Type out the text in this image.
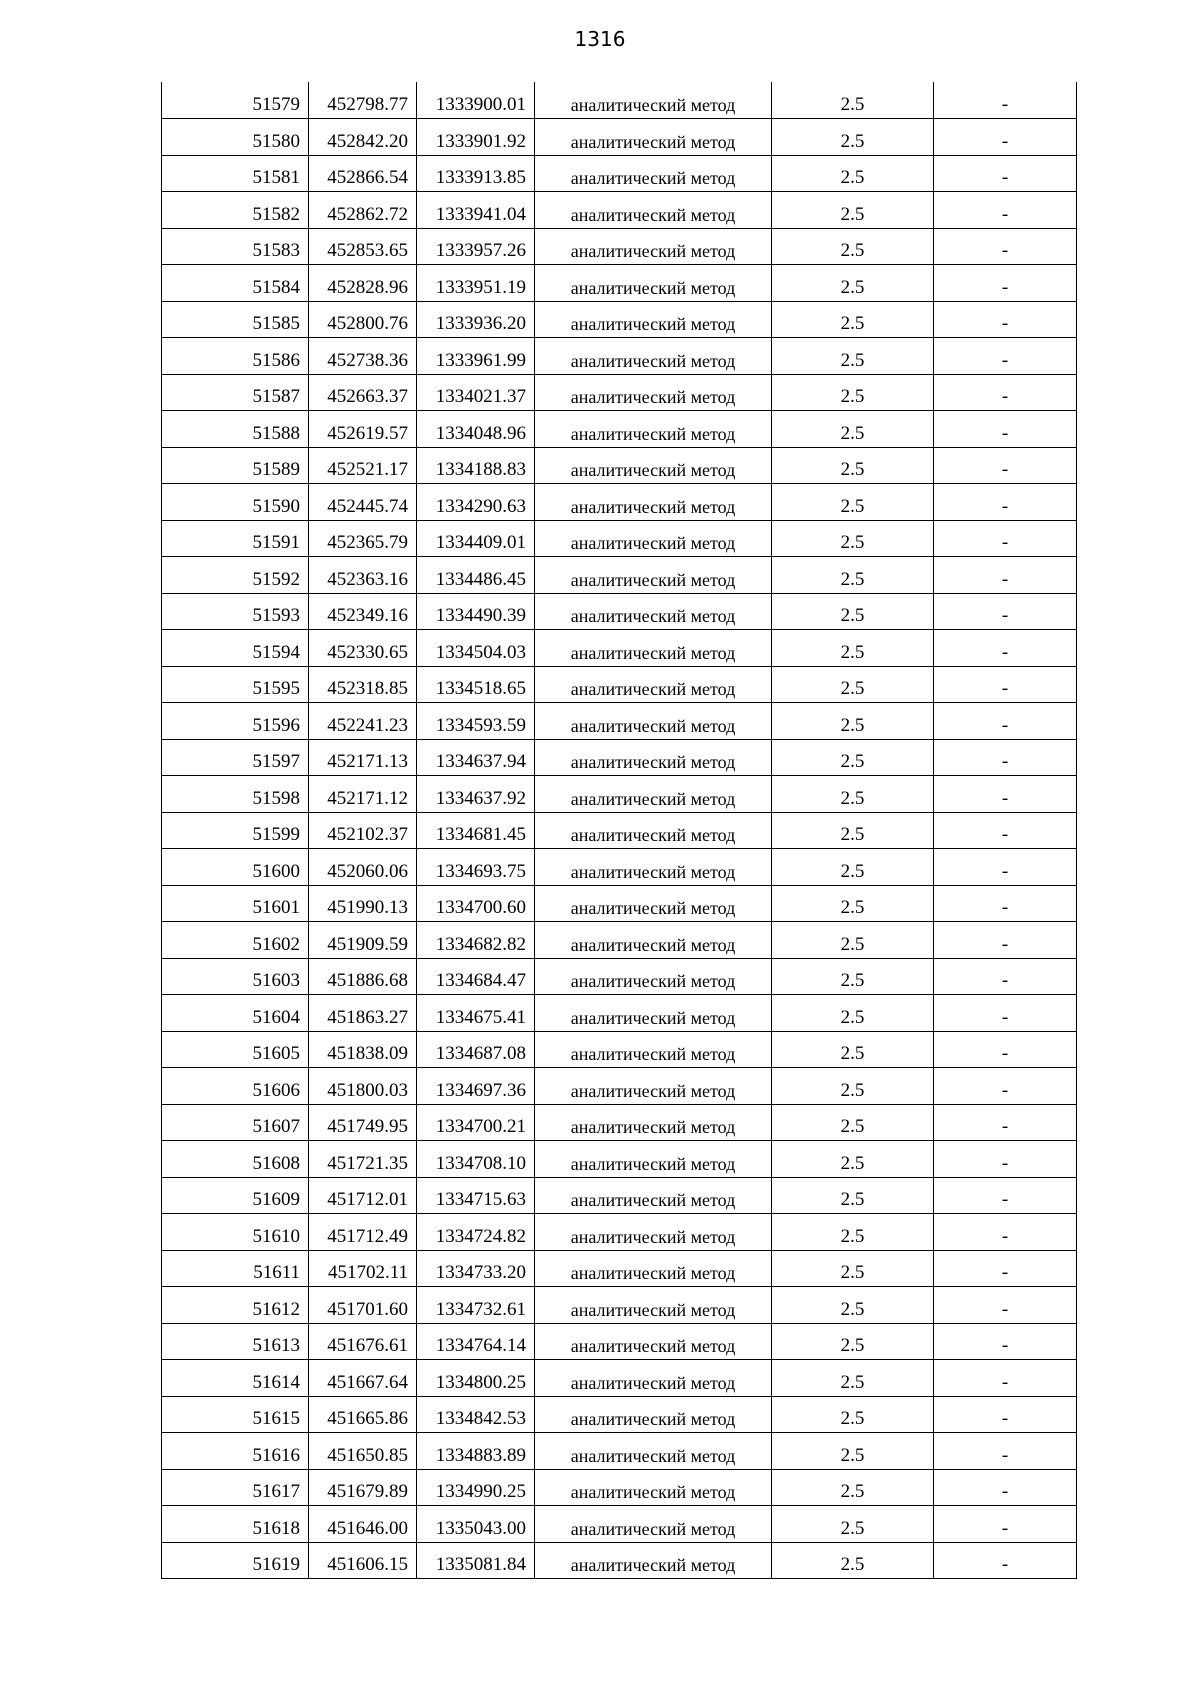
1316
51579	452798.77	1333900.01	аналитический метод	2.5	-
51580	452842.20	1333901.92	аналитический метод	2.5	-
51581	452866.54	1333913.85	аналитический метод	2.5	-
51582	452862.72	1333941.04	аналитический метод	2.5	-
51583	452853.65	1333957.26	аналитический метод	2.5	-
51584	452828.96	1333951.19	аналитический метод	2.5	-
51585	452800.76	1333936.20	аналитический метод	2.5	-
51586	452738.36	1333961.99	аналитический метод	2.5	-
51587	452663.37	1334021.37	аналитический метод	2.5	-
51588	452619.57	1334048.96	аналитический метод	2.5	-
51589	452521.17	1334188.83	аналитический метод	2.5	-
51590	452445.74	1334290.63	аналитический метод	2.5	-
51591	452365.79	1334409.01	аналитический метод	2.5	-
51592	452363.16	1334486.45	аналитический метод	2.5	-
51593	452349.16	1334490.39	аналитический метод	2.5	-
51594	452330.65	1334504.03	аналитический метод	2.5	-
51595	452318.85	1334518.65	аналитический метод	2.5	-
51596	452241.23	1334593.59	аналитический метод	2.5	-
51597	452171.13	1334637.94	аналитический метод	2.5	-
51598	452171.12	1334637.92	аналитический метод	2.5	-
51599	452102.37	1334681.45	аналитический метод	2.5	-
51600	452060.06	1334693.75	аналитический метод	2.5	-
51601	451990.13	1334700.60	аналитический метод	2.5	-
51602	451909.59	1334682.82	аналитический метод	2.5	-
51603	451886.68	1334684.47	аналитический метод	2.5	-
51604	451863.27	1334675.41	аналитический метод	2.5	-
51605	451838.09	1334687.08	аналитический метод	2.5	-
51606	451800.03	1334697.36	аналитический метод	2.5	-
51607	451749.95	1334700.21	аналитический метод	2.5	-
51608	451721.35	1334708.10	аналитический метод	2.5	-
51609	451712.01	1334715.63	аналитический метод	2.5	-
51610	451712.49	1334724.82	аналитический метод	2.5	-
51611	451702.11	1334733.20	аналитический метод	2.5	-
51612	451701.60	1334732.61	аналитический метод	2.5	-
51613	451676.61	1334764.14	аналитический метод	2.5	-
51614	451667.64	1334800.25	аналитический метод	2.5	-
51615	451665.86	1334842.53	аналитический метод	2.5	-
51616	451650.85	1334883.89	аналитический метод	2.5	-
51617	451679.89	1334990.25	аналитический метод	2.5	-
51618	451646.00	1335043.00	аналитический метод	2.5	-
51619	451606.15	1335081.84	аналитический метод	2.5	-
